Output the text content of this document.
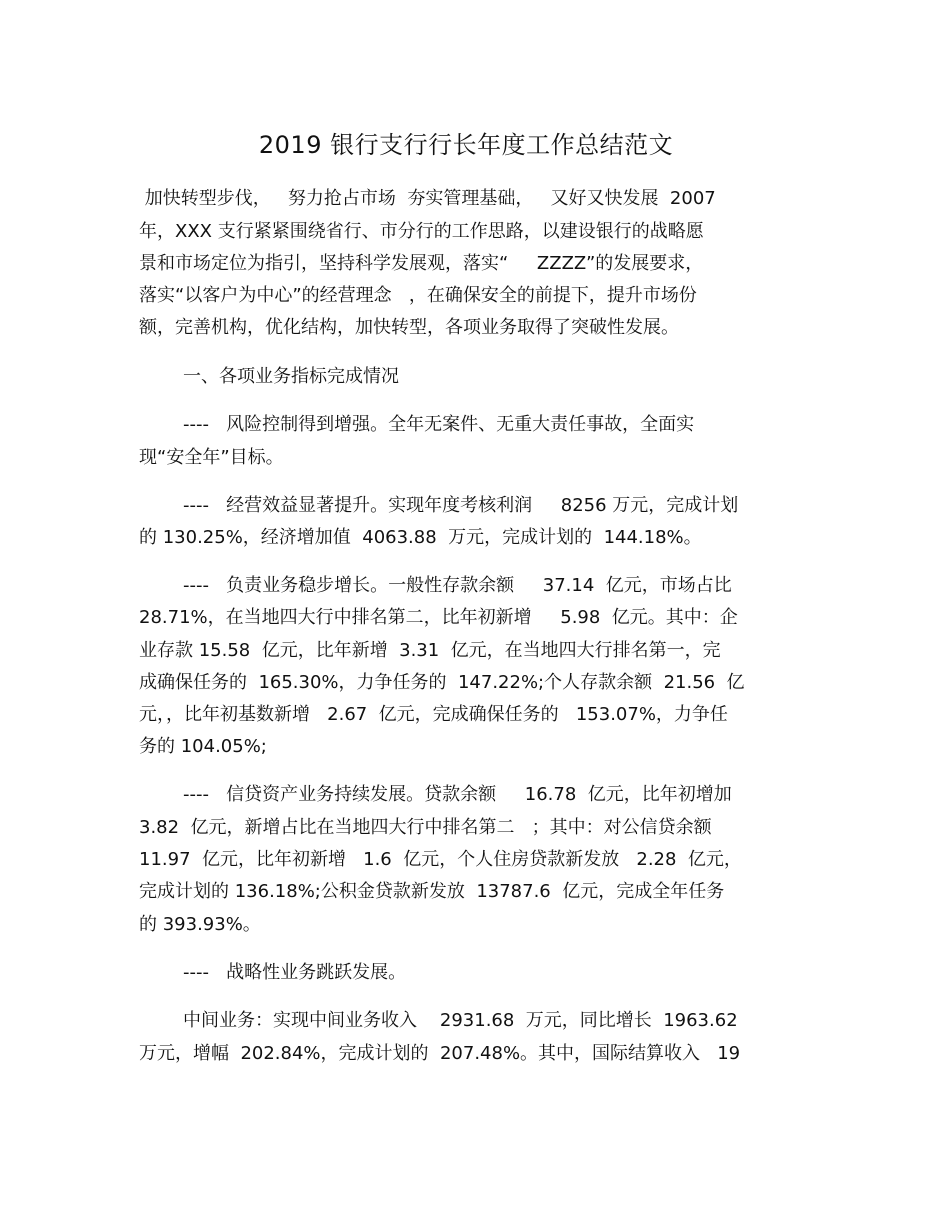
2019 银行支行行长年度工作总结范文
加快转型步伐，   努力抢占市场  夯实管理基础，   又好又快发展  2007
年，XXX 支行紧紧围绕省行、市分行的工作思路，以建设银行的战略愿
景和市场定位为指引，坚持科学发展观，落实“     ZZZZ”的发展要求，
落实“以客户为中心”的经营理念   ，在确保安全的前提下，提升市场份
额，完善机构，优化结构，加快转型，各项业务取得了突破性发展。
一、各项业务指标完成情况
----   风险控制得到增强。全年无案件、无重大责任事故，全面实
现“安全年”目标。
----   经营效益显著提升。实现年度考核利润     8256 万元，完成计划
的 130.25%，经济增加值  4063.88  万元，完成计划的  144.18%。
----   负责业务稳步增长。一般性存款余额     37.14  亿元，市场占比
28.71%，在当地四大行中排名第二，比年初新增     5.98  亿元。其中：企
业存款 15.58  亿元，比年新增  3.31  亿元，在当地四大行排名第一，完
成确保任务的  165.30%，力争任务的  147.22%;个人存款余额  21.56  亿
元，，比年初基数新增   2.67  亿元，完成确保任务的   153.07%，力争任
务的 104.05%;
----   信贷资产业务持续发展。贷款余额     16.78  亿元，比年初增加
3.82  亿元，新增占比在当地四大行中排名第二   ；其中：对公信贷余额
11.97  亿元，比年初新增   1.6  亿元，个人住房贷款新发放   2.28  亿元，
完成计划的 136.18%;公积金贷款新发放  13787.6  亿元，完成全年任务
的 393.93%。
----   战略性业务跳跃发展。
中间业务：实现中间业务收入    2931.68  万元，同比增长  1963.62
万元，增幅  202.84%，完成计划的  207.48%。其中，国际结算收入   19
